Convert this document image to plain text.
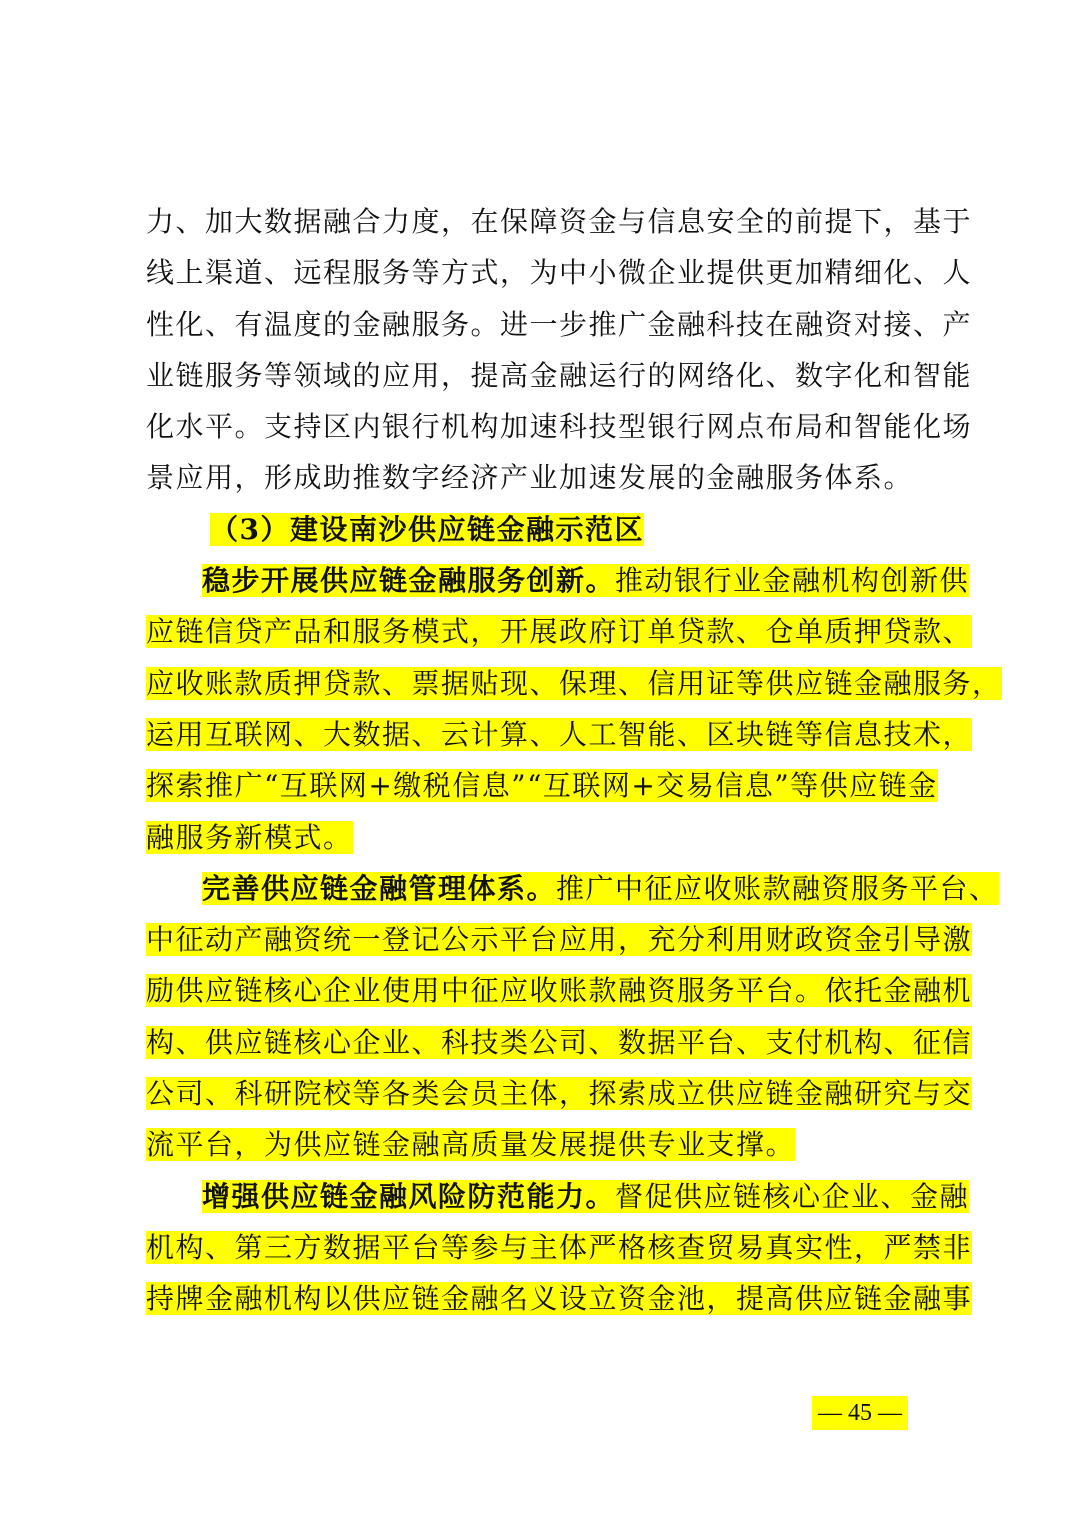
力、加大数据融合力度，在保障资金与信息安全的前提下，基于
线上渠道、远程服务等方式，为中小微企业提供更加精细化、人
性化、有温度的金融服务。进一步推广金融科技在融资对接、产
业链服务等领域的应用，提高金融运行的网络化、数字化和智能
化水平。支持区内银行机构加速科技型银行网点布局和智能化场
景应用，形成助推数字经济产业加速发展的金融服务体系。
（3）建设南沙供应链金融示范区
稳步开展供应链金融服务创新。推动银行业金融机构创新供
应链信贷产品和服务模式，开展政府订单贷款、仓单质押贷款、
应收账款质押贷款、票据贴现、保理、信用证等供应链金融服务，
运用互联网、大数据、云计算、人工智能、区块链等信息技术，
探索推广“互联网+缴税信息”“互联网+交易信息”等供应链金
融服务新模式。
完善供应链金融管理体系。推广中征应收账款融资服务平台、
中征动产融资统一登记公示平台应用，充分利用财政资金引导激
励供应链核心企业使用中征应收账款融资服务平台。依托金融机
构、供应链核心企业、科技类公司、数据平台、支付机构、征信
公司、科研院校等各类会员主体，探索成立供应链金融研究与交
流平台，为供应链金融高质量发展提供专业支撑。
增强供应链金融风险防范能力。督促供应链核心企业、金融
机构、第三方数据平台等参与主体严格核查贸易真实性，严禁非
持牌金融机构以供应链金融名义设立资金池，提高供应链金融事
— 45 —
